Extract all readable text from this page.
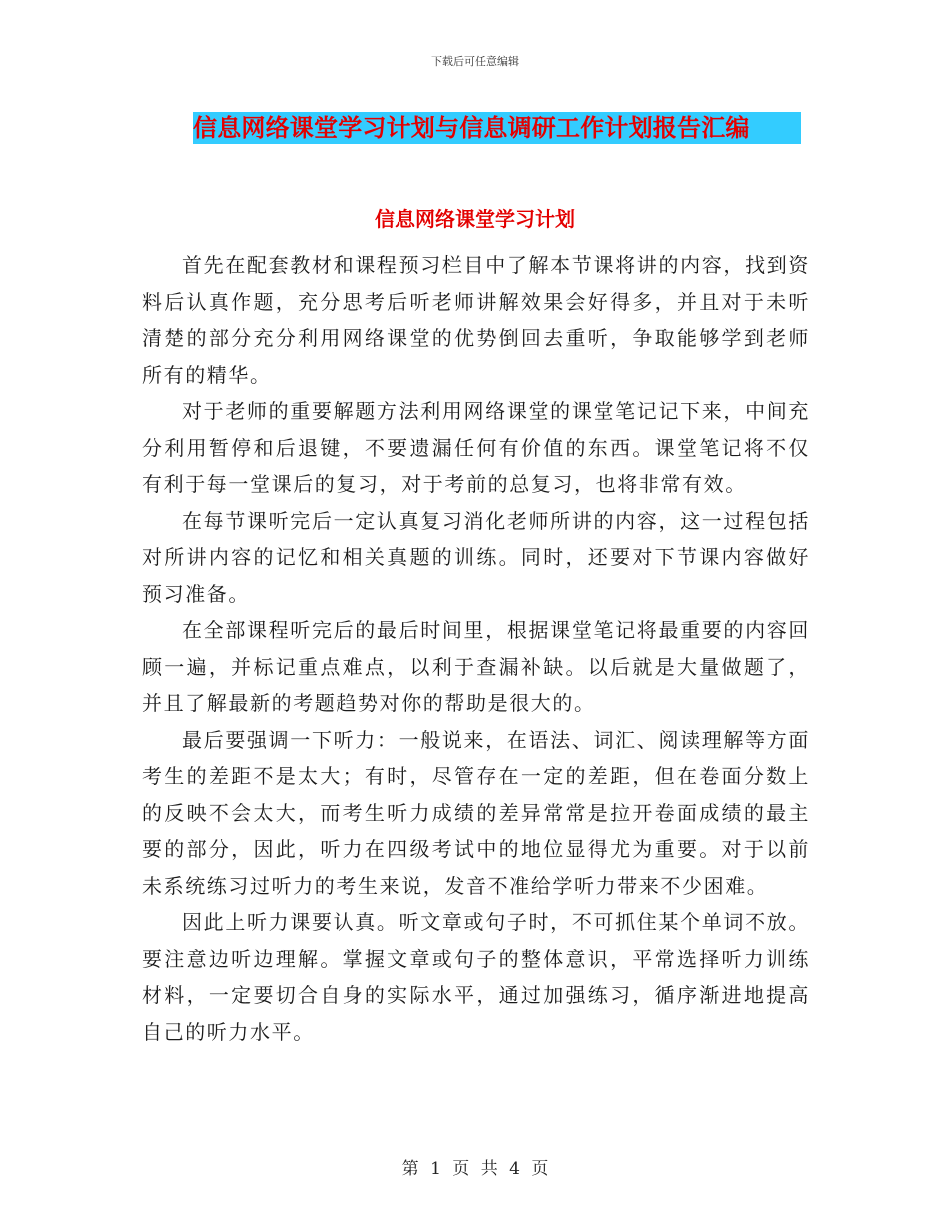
下载后可任意编辑
信息网络课堂学习计划与信息调研工作计划报告汇编
信息网络课堂学习计划

首先在配套教材和课程预习栏目中了解本节课将讲的内容，找到资料后认真作题，充分思考后听老师讲解效果会好得多，并且对于未听清楚的部分充分利用网络课堂的优势倒回去重听，争取能够学到老师所有的精华。

对于老师的重要解题方法利用网络课堂的课堂笔记记下来，中间充分利用暂停和后退键，不要遗漏任何有价值的东西。课堂笔记将不仅有利于每一堂课后的复习，对于考前的总复习，也将非常有效。

在每节课听完后一定认真复习消化老师所讲的内容，这一过程包括对所讲内容的记忆和相关真题的训练。同时，还要对下节课内容做好预习准备。

在全部课程听完后的最后时间里，根据课堂笔记将最重要的内容回顾一遍，并标记重点难点，以利于查漏补缺。以后就是大量做题了，并且了解最新的考题趋势对你的帮助是很大的。

最后要强调一下听力：一般说来，在语法、词汇、阅读理解等方面考生的差距不是太大；有时，尽管存在一定的差距，但在卷面分数上的反映不会太大，而考生听力成绩的差异常常是拉开卷面成绩的最主要的部分，因此，听力在四级考试中的地位显得尤为重要。对于以前未系统练习过听力的考生来说，发音不准给学听力带来不少困难。

因此上听力课要认真。听文章或句子时，不可抓住某个单词不放。要注意边听边理解。掌握文章或句子的整体意识，平常选择听力训练材料，一定要切合自身的实际水平，通过加强练习，循序渐进地提高自己的听力水平。

第 1 页 共 4 页
